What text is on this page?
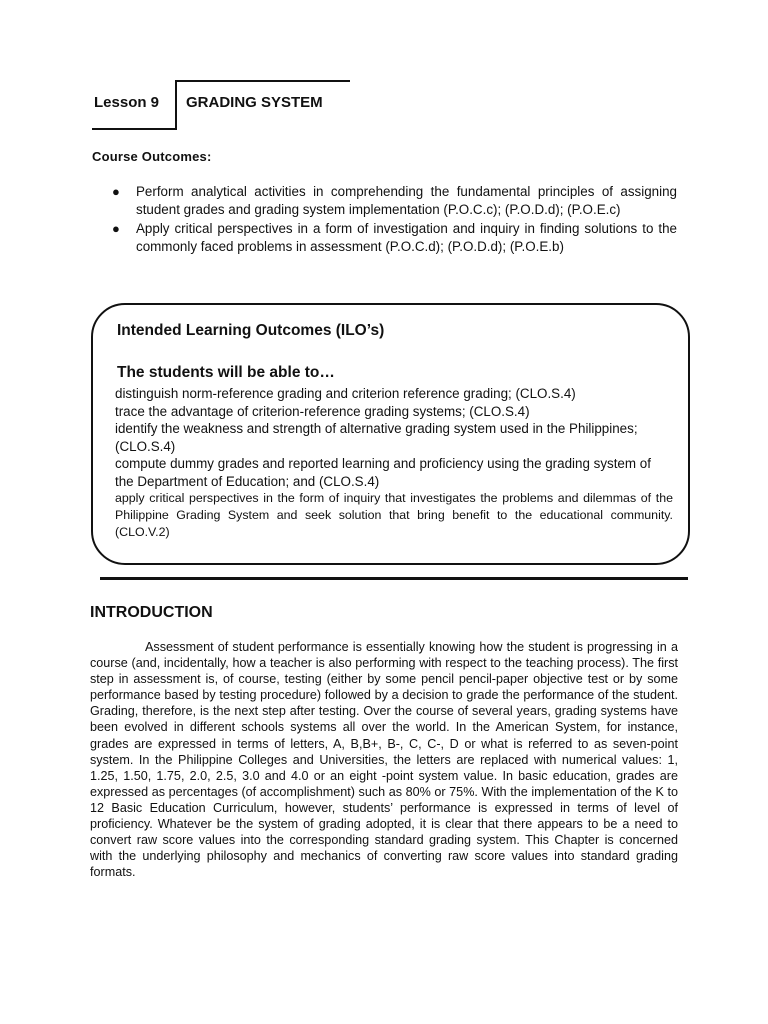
Lesson 9 GRADING SYSTEM
Course Outcomes:
● Perform analytical activities in comprehending the fundamental principles of assigning student grades and grading system implementation (P.O.C.c); (P.O.D.d); (P.O.E.c)
● Apply critical perspectives in a form of investigation and inquiry in finding solutions to the commonly faced problems in assessment (P.O.C.d); (P.O.D.d); (P.O.E.b)
Intended Learning Outcomes (ILO’s)
The students will be able to…
distinguish norm-reference grading and criterion reference grading; (CLO.S.4)
trace the advantage of criterion-reference grading systems; (CLO.S.4)
identify the weakness and strength of alternative grading system used in the Philippines; (CLO.S.4)
compute dummy grades and reported learning and proficiency using the grading system of the Department of Education; and (CLO.S.4)
apply critical perspectives in the form of inquiry that investigates the problems and dilemmas of the Philippine Grading System and seek solution that bring benefit to the educational community. (CLO.V.2)
INTRODUCTION

Assessment of student performance is essentially knowing how the student is progressing in a course (and, incidentally, how a teacher is also performing with respect to the teaching process). The first step in assessment is, of course, testing (either by some pencil pencil-paper objective test or by some performance based by testing procedure) followed by a decision to grade the performance of the student. Grading, therefore, is the next step after testing. Over the course of several years, grading systems have been evolved in different schools systems all over the world. In the American System, for instance, grades are expressed in terms of letters, A, B,B+, B-, C, C-, D or what is referred to as seven-point system. In the Philippine Colleges and Universities, the letters are replaced with numerical values: 1, 1.25, 1.50, 1.75, 2.0, 2.5, 3.0 and 4.0 or an eight -point system value. In basic education, grades are expressed as percentages (of accomplishment) such as 80% or 75%. With the implementation of the K to 12 Basic Education Curriculum, however, students’ performance is expressed in terms of level of proficiency. Whatever be the system of grading adopted, it is clear that there appears to be a need to convert raw score values into the corresponding standard grading system. This Chapter is concerned with the underlying philosophy and mechanics of converting raw score values into standard grading formats.
